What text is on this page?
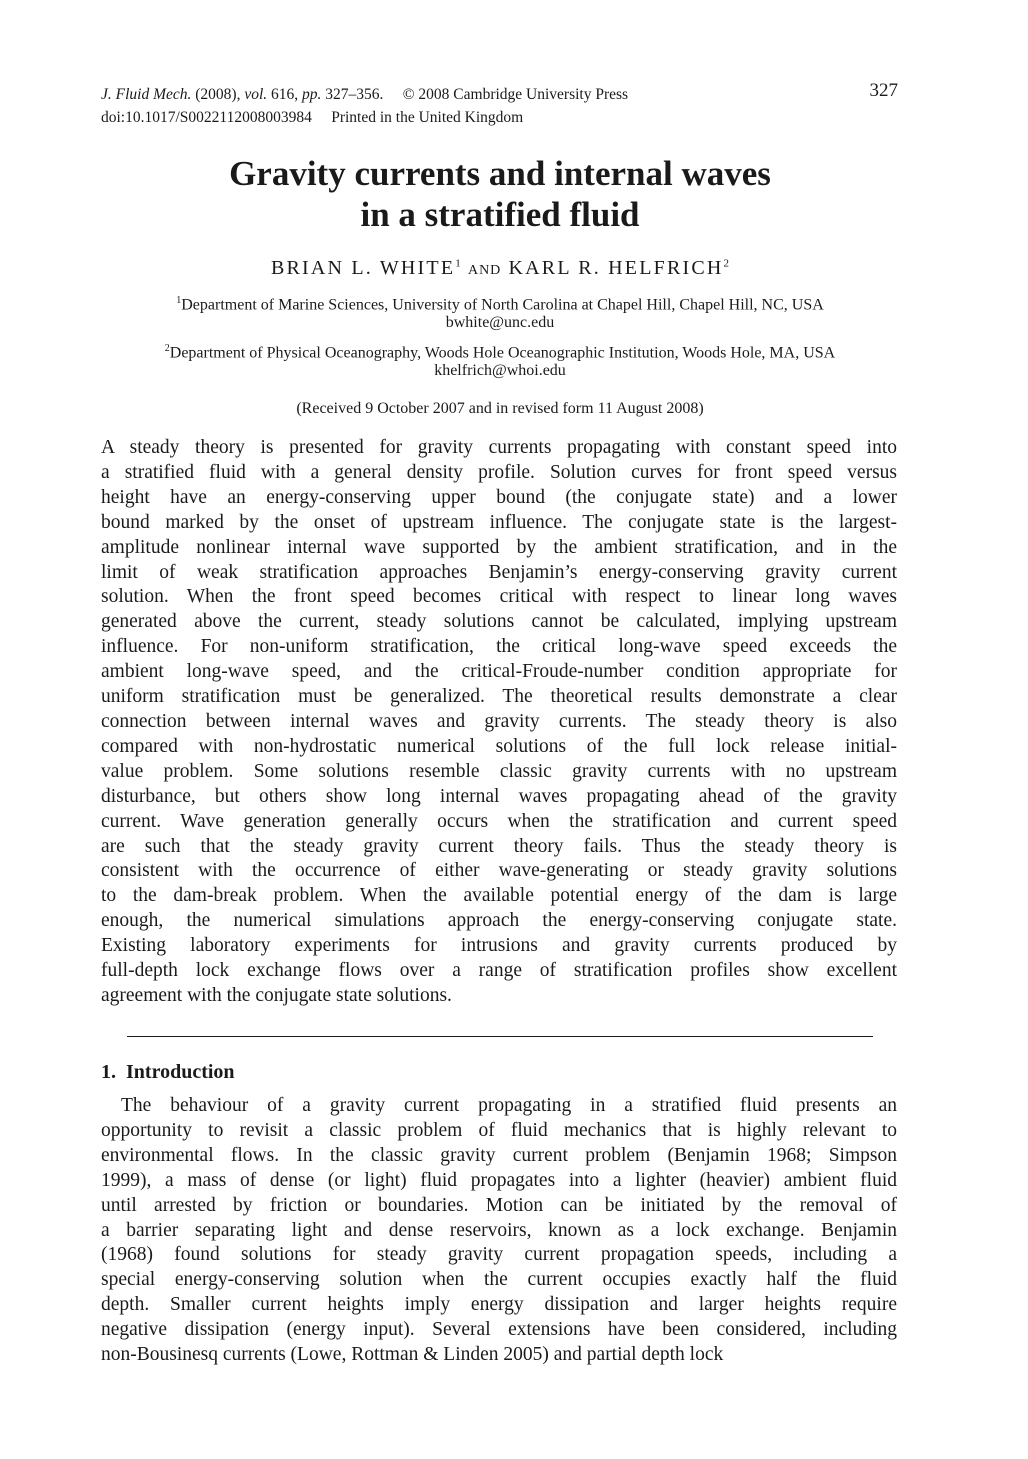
J. Fluid Mech. (2008), vol. 616, pp. 327–356. © 2008 Cambridge University Press
doi:10.1017/S0022112008003984 Printed in the United Kingdom
327
Gravity currents and internal waves
in a stratified fluid
BRIAN L. WHITE$^1$ AND KARL R. HELFRICH$^2$
$^1$Department of Marine Sciences, University of North Carolina at Chapel Hill, Chapel Hill, NC, USA
bwhite@unc.edu
$^2$Department of Physical Oceanography, Woods Hole Oceanographic Institution, Woods Hole, MA, USA
khelfrich@whoi.edu
(Received 9 October 2007 and in revised form 11 August 2008)
A steady theory is presented for gravity currents propagating with constant speed into
a stratified fluid with a general density profile. Solution curves for front speed versus
height have an energy-conserving upper bound (the conjugate state) and a lower
bound marked by the onset of upstream influence. The conjugate state is the largest-
amplitude nonlinear internal wave supported by the ambient stratification, and in the
limit of weak stratification approaches Benjamin’s energy-conserving gravity current
solution. When the front speed becomes critical with respect to linear long waves
generated above the current, steady solutions cannot be calculated, implying upstream
influence. For non-uniform stratification, the critical long-wave speed exceeds the
ambient long-wave speed, and the critical-Froude-number condition appropriate for
uniform stratification must be generalized. The theoretical results demonstrate a clear
connection between internal waves and gravity currents. The steady theory is also
compared with non-hydrostatic numerical solutions of the full lock release initial-
value problem. Some solutions resemble classic gravity currents with no upstream
disturbance, but others show long internal waves propagating ahead of the gravity
current. Wave generation generally occurs when the stratification and current speed
are such that the steady gravity current theory fails. Thus the steady theory is
consistent with the occurrence of either wave-generating or steady gravity solutions
to the dam-break problem. When the available potential energy of the dam is large
enough, the numerical simulations approach the energy-conserving conjugate state.
Existing laboratory experiments for intrusions and gravity currents produced by
full-depth lock exchange flows over a range of stratification profiles show excellent
agreement with the conjugate state solutions.
1. Introduction
The behaviour of a gravity current propagating in a stratified fluid presents an
opportunity to revisit a classic problem of fluid mechanics that is highly relevant to
environmental flows. In the classic gravity current problem (Benjamin 1968; Simpson
1999), a mass of dense (or light) fluid propagates into a lighter (heavier) ambient fluid
until arrested by friction or boundaries. Motion can be initiated by the removal of
a barrier separating light and dense reservoirs, known as a lock exchange. Benjamin
(1968) found solutions for steady gravity current propagation speeds, including a
special energy-conserving solution when the current occupies exactly half the fluid
depth. Smaller current heights imply energy dissipation and larger heights require
negative dissipation (energy input). Several extensions have been considered, including
non-Bousinesq currents (Lowe, Rottman & Linden 2005) and partial depth lock
